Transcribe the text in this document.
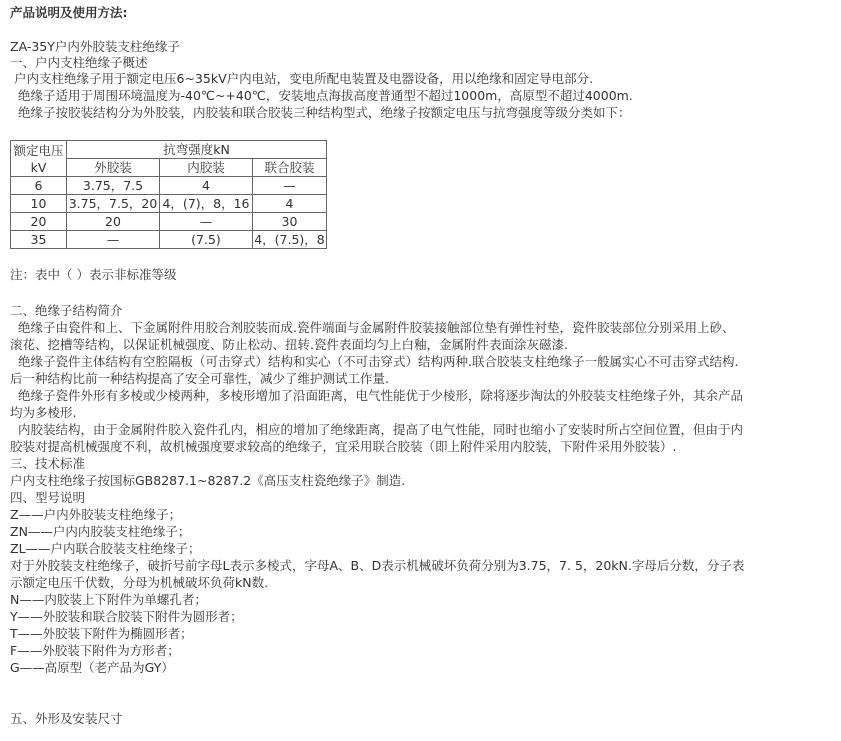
产品说明及使用方法:
ZA-35Y户内外胶装支柱绝缘子
一、户内支柱绝缘子概述
户内支柱绝缘子用于额定电压6~35kV户内电站，变电所配电装置及电器设备，用以绝缘和固定导电部分.
绝缘子适用于周围环境温度为-40℃~+40℃，安装地点海拔高度普通型不超过1000m，高原型不超过4000m.
绝缘子按胶装结构分为外胶装，内胶装和联合胶装三种结构型式，绝缘子按额定电压与抗弯强度等级分类如下：
额定电压
kV	抗弯强度kN		
	外胶装	内胶装	联合胶装
6	3.75，7.5	4	—
10	3.75，7.5，20	4，(7)，8，16	4
20	20	—	30
35	—	(7.5)	4，(7.5)，8
注：表中（ ）表示非标准等级
二、绝缘子结构简介
绝缘子由瓷件和上、下金属附件用胶合剂胶装而成.瓷件端面与金属附件胶装接触部位垫有弹性衬垫，瓷件胶装部位分别采用上砂、
滚花、挖槽等结构，以保证机械强度、防止松动、扭转.瓷件表面均匀上白釉，金属附件表面涂灰磁漆.
绝缘子瓷件主体结构有空腔隔板（可击穿式）结构和实心（不可击穿式）结构两种.联合胶装支柱绝缘子一般属实心不可击穿式结构.
后一种结构比前一种结构提高了安全可靠性，减少了维护测试工作量.
绝缘子瓷件外形有多棱或少棱两种，多棱形增加了沿面距离，电气性能优于少棱形，除将逐步淘汰的外胶装支柱绝缘子外，其余产品
均为多棱形.
内胶装结构，由于金属附件胶入瓷件孔内，相应的增加了绝缘距离，提高了电气性能，同时也缩小了安装时所占空间位置，但由于内
胶装对提高机械强度不利，故机械强度要求较高的绝缘子，宜采用联合胶装（即上附件采用内胶装，下附件采用外胶装）.
三、技术标准
户内支柱绝缘子按国标GB8287.1~8287.2《高压支柱瓷绝缘子》制造.
四、型号说明
Z——户内外胶装支柱绝缘子；
ZN——户内内胶装支柱绝缘子；
ZL——户内联合胶装支柱绝缘子；
对于外胶装支柱绝缘子，破折号前字母L表示多棱式，字母A、B、D表示机械破坏负荷分别为3.75，7. 5，20kN.字母后分数，分子表
示额定电压千伏数，分母为机械破坏负荷kN数.
N——内胶装上下附件为单螺孔者；
Y——外胶装和联合胶装下附件为圆形者；
T——外胶装下附件为椭圆形者；
F——外胶装下附件为方形者；
G——高原型（老产品为GY）
五、外形及安装尺寸
